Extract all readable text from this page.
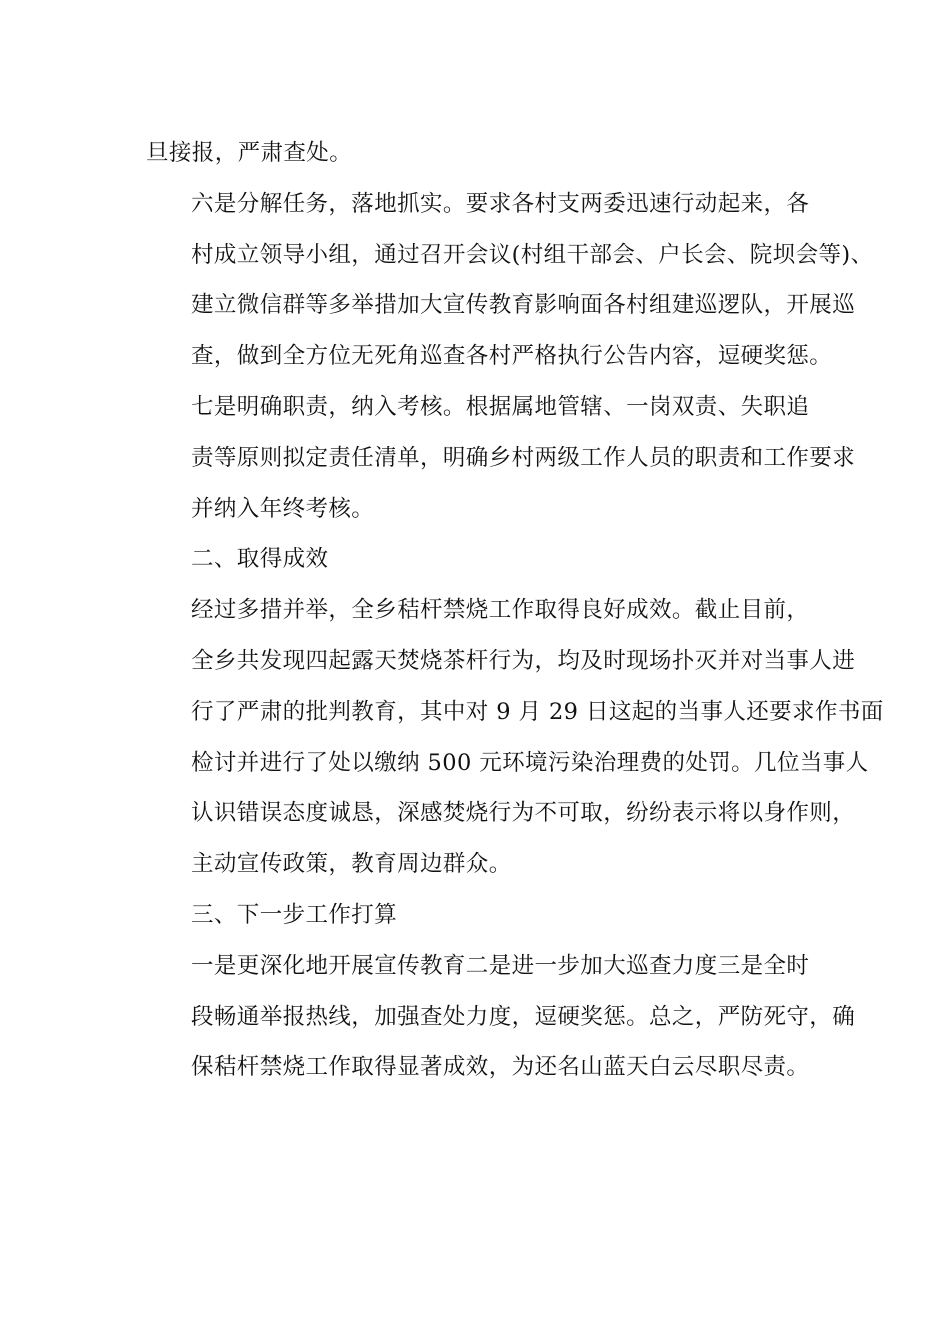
旦接报，严肃查处。

六是分解任务，落地抓实。要求各村支两委迅速行动起来，各
村成立领导小组，通过召开会议(村组干部会、户长会、院坝会等)、
建立微信群等多举措加大宣传教育影响面各村组建巡逻队，开展巡
查，做到全方位无死角巡查各村严格执行公告内容，逗硬奖惩。

七是明确职责，纳入考核。根据属地管辖、一岗双责、失职追
责等原则拟定责任清单，明确乡村两级工作人员的职责和工作要求
并纳入年终考核。

二、取得成效

经过多措并举，全乡秸杆禁烧工作取得良好成效。截止目前，
全乡共发现四起露天焚烧茶杆行为，均及时现场扑灭并对当事人进
行了严肃的批判教育，其中对 9 月 29 日这起的当事人还要求作书面
检讨并进行了处以缴纳 500 元环境污染治理费的处罚。几位当事人
认识错误态度诚恳，深感焚烧行为不可取，纷纷表示将以身作则，
主动宣传政策，教育周边群众。

三、下一步工作打算

一是更深化地开展宣传教育二是进一步加大巡查力度三是全时
段畅通举报热线，加强查处力度，逗硬奖惩。总之，严防死守，确
保秸杆禁烧工作取得显著成效，为还名山蓝天白云尽职尽责。
